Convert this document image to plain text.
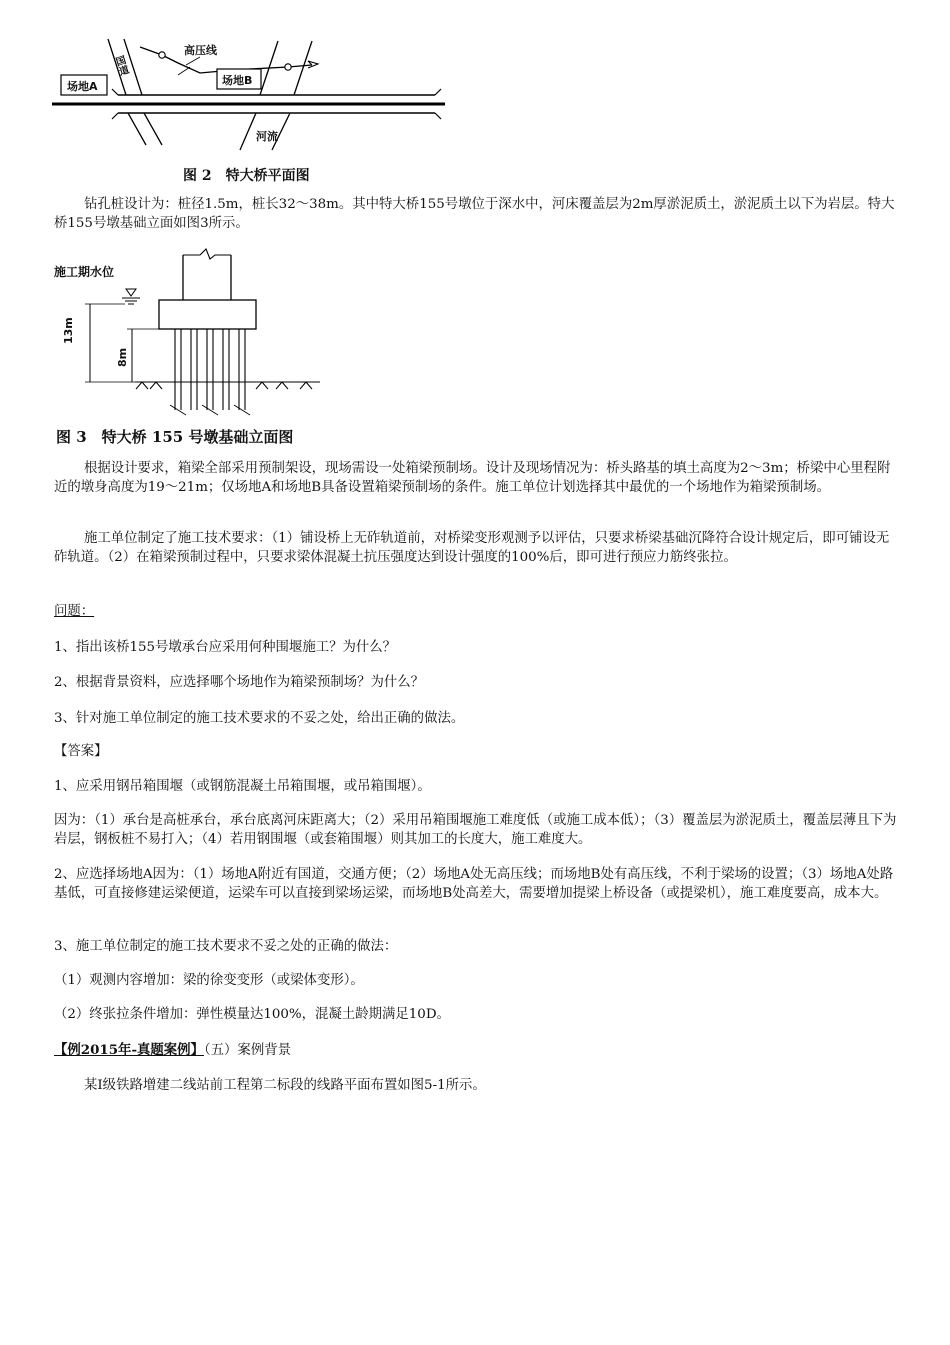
场地A	场地B
高压线
国道
河流
图 2　特大桥平面图
钻孔桩设计为：桩径1.5m，桩长32～38m。其中特大桥155号墩位于深水中，河床覆盖层为2m厚淤泥质土，淤泥质土以下为岩层。特大桥155号墩基础立面如图3所示。
施工期水位
13m
8m
图 3　特大桥 155 号墩基础立面图
根据设计要求，箱梁全部采用预制架设，现场需设一处箱梁预制场。设计及现场情况为：桥头路基的填土高度为2～3m；桥梁中心里程附近的墩身高度为19～21m；仅场地A和场地B具备设置箱梁预制场的条件。施工单位计划选择其中最优的一个场地作为箱梁预制场。
施工单位制定了施工技术要求：（1）铺设桥上无砟轨道前，对桥梁变形观测予以评估，只要求桥梁基础沉降符合设计规定后，即可铺设无砟轨道。（2）在箱梁预制过程中，只要求梁体混凝土抗压强度达到设计强度的100%后，即可进行预应力筋终张拉。
问题：
1、指出该桥155号墩承台应采用何种围堰施工？为什么？
2、根据背景资料，应选择哪个场地作为箱梁预制场？为什么？
3、针对施工单位制定的施工技术要求的不妥之处，给出正确的做法。
【答案】
1、应采用钢吊箱围堰（或钢筋混凝土吊箱围堰，或吊箱围堰）。
因为：（1）承台是高桩承台，承台底离河床距离大；（2）采用吊箱围堰施工难度低（或施工成本低）；（3）覆盖层为淤泥质土，覆盖层薄且下为岩层，钢板桩不易打入；（4）若用钢围堰（或套箱围堰）则其加工的长度大，施工难度大。
2、应选择场地A因为：（1）场地A附近有国道，交通方便；（2）场地A处无高压线；而场地B处有高压线，不利于梁场的设置；（3）场地A处路基低，可直接修建运梁便道，运梁车可以直接到梁场运梁，而场地B处高差大，需要增加提梁上桥设备（或提梁机），施工难度要高，成本大。
3、施工单位制定的施工技术要求不妥之处的正确的做法：
（1）观测内容增加：梁的徐变变形（或梁体变形）。
（2）终张拉条件增加：弹性模量达100%，混凝土龄期满足10D。
【例2015年-真题案例】（五）案例背景
某Ⅰ级铁路增建二线站前工程第二标段的线路平面布置如图5-1所示。
